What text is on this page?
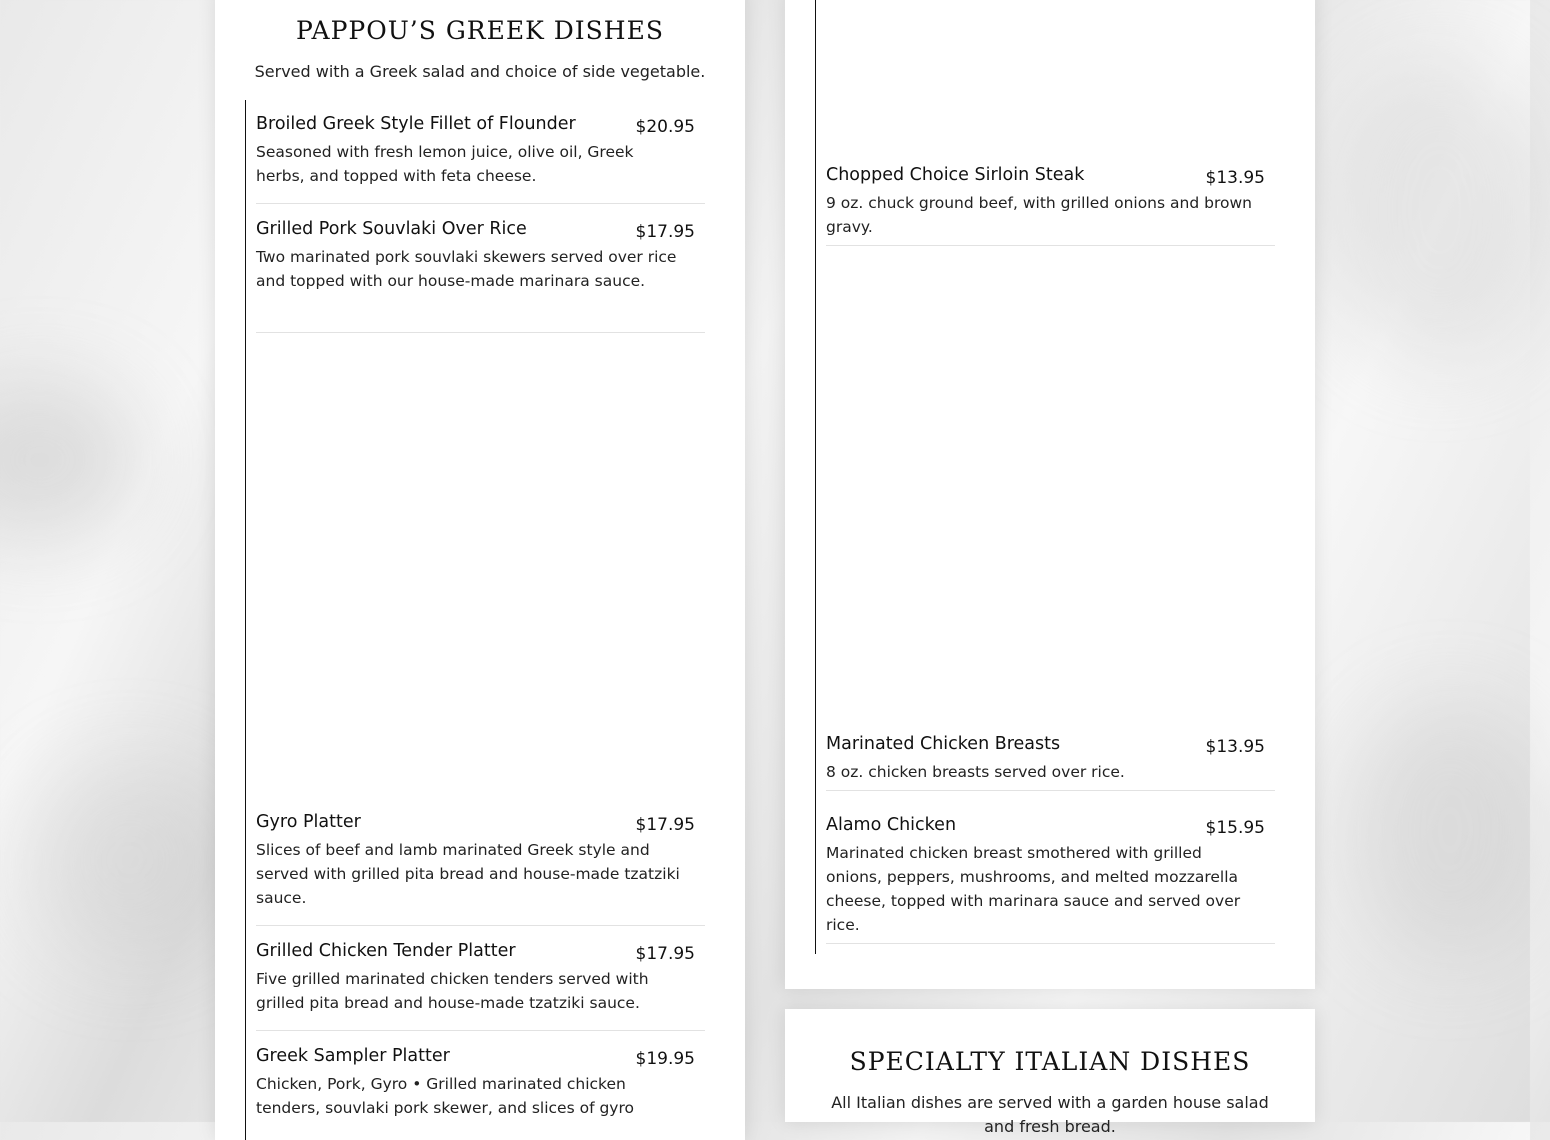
PAPPOU’S GREEK DISHES

Served with a Greek salad and choice of side vegetable.

Broiled Greek Style Fillet of Flounder	$20.95
Seasoned with fresh lemon juice, olive oil, Greek herbs, and topped with feta cheese.
Grilled Pork Souvlaki Over Rice	$17.95
Two marinated pork souvlaki skewers served over rice and topped with our house-made marinara sauce.
Gyro Platter	$17.95
Slices of beef and lamb marinated Greek style and served with grilled pita bread and house-made tzatziki sauce.
Grilled Chicken Tender Platter	$17.95
Five grilled marinated chicken tenders served with grilled pita bread and house-made tzatziki sauce.
Greek Sampler Platter	$19.95
Chicken, Pork, Gyro • Grilled marinated chicken tenders, souvlaki pork skewer, and slices of gyro
Chopped Choice Sirloin Steak	$13.95
9 oz. chuck ground beef, with grilled onions and brown gravy.
Marinated Chicken Breasts	$13.95
8 oz. chicken breasts served over rice.
Alamo Chicken	$15.95
Marinated chicken breast smothered with grilled onions, peppers, mushrooms, and melted mozzarella cheese, topped with marinara sauce and served over rice.
SPECIALTY ITALIAN DISHES

All Italian dishes are served with a garden house salad and fresh bread.
